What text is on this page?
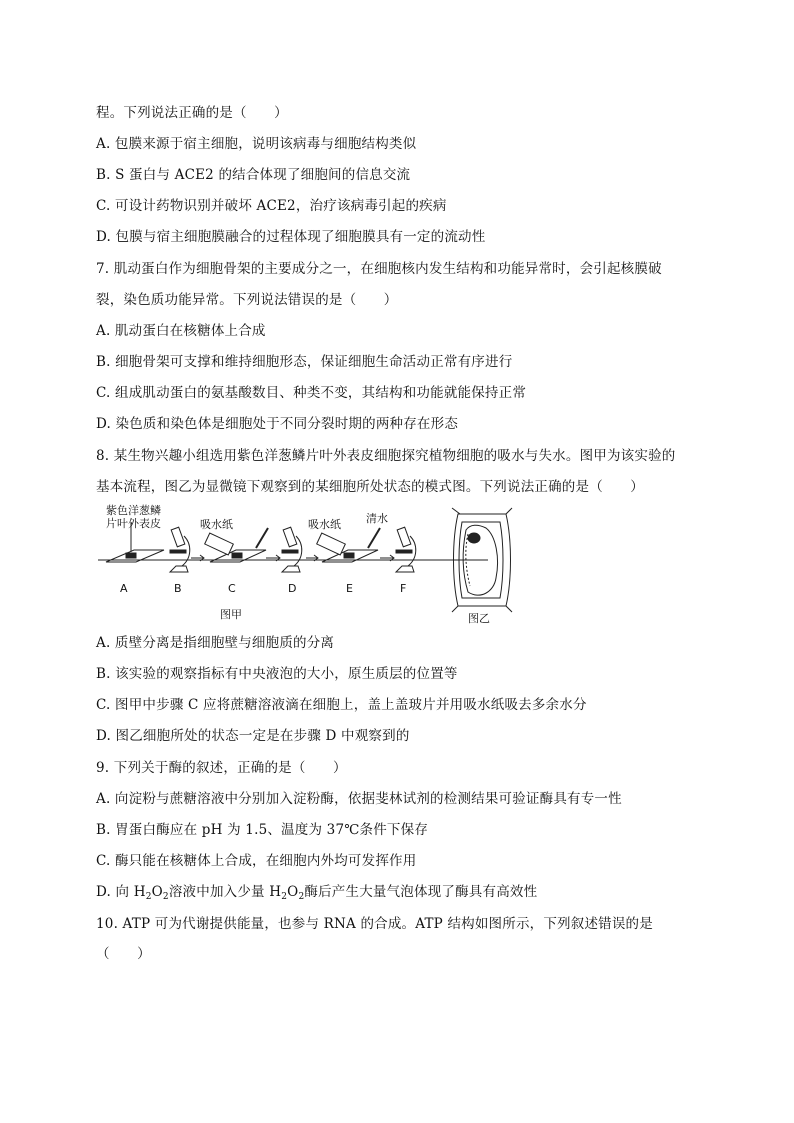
程。下列说法正确的是（　　）
A. 包膜来源于宿主细胞，说明该病毒与细胞结构类似
B. S 蛋白与 ACE2 的结合体现了细胞间的信息交流
C. 可设计药物识别并破坏 ACE2，治疗该病毒引起的疾病
D. 包膜与宿主细胞膜融合的过程体现了细胞膜具有一定的流动性
7. 肌动蛋白作为细胞骨架的主要成分之一，在细胞核内发生结构和功能异常时，会引起核膜破
裂，染色质功能异常。下列说法错误的是（　　）
A. 肌动蛋白在核糖体上合成
B. 细胞骨架可支撑和维持细胞形态，保证细胞生命活动正常有序进行
C. 组成肌动蛋白的氨基酸数目、种类不变，其结构和功能就能保持正常
D. 染色质和染色体是细胞处于不同分裂时期的两种存在形态
8. 某生物兴趣小组选用紫色洋葱鳞片叶外表皮细胞探究植物细胞的吸水与失水。图甲为该实验的
基本流程，图乙为显微镜下观察到的某细胞所处状态的模式图。下列说法正确的是（　　）
紫色洋葱鳞
片叶外表皮	吸水纸	吸水纸 清水
A	B	C	D	E	F
图甲	图乙
A. 质壁分离是指细胞壁与细胞质的分离
B. 该实验的观察指标有中央液泡的大小，原生质层的位置等
C. 图甲中步骤 C 应将蔗糖溶液滴在细胞上，盖上盖玻片并用吸水纸吸去多余水分
D. 图乙细胞所处的状态一定是在步骤 D 中观察到的
9. 下列关于酶的叙述，正确的是（　　）
A. 向淀粉与蔗糖溶液中分别加入淀粉酶，依据斐林试剂的检测结果可验证酶具有专一性
B. 胃蛋白酶应在 pH 为 1.5、温度为 37℃条件下保存
C. 酶只能在核糖体上合成，在细胞内外均可发挥作用
D. 向 $H_2O_2$溶液中加入少量 $H_2O_2$酶后产生大量气泡体现了酶具有高效性
10. ATP 可为代谢提供能量，也参与 RNA 的合成。ATP 结构如图所示，下列叙述错误的是
（　　）
